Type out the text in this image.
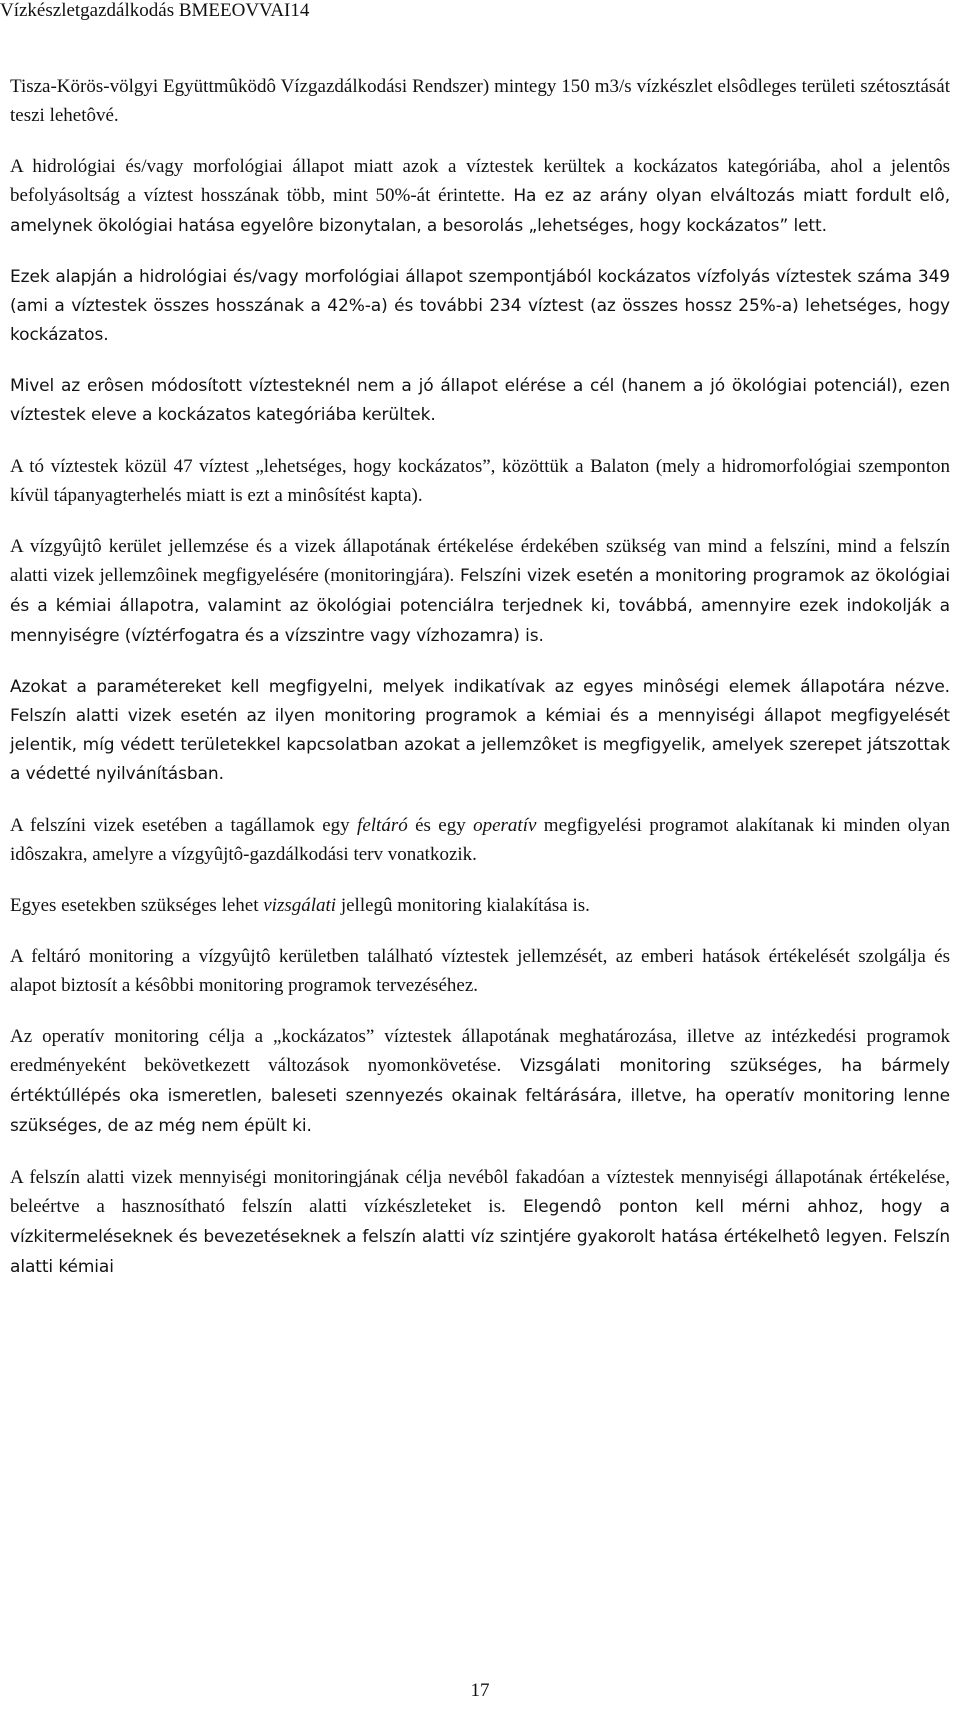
Vízkészletgazdálkodás BMEEOVVAI14

Tisza-Körös-völgyi Együttmûködô Vízgazdálkodási Rendszer) mintegy 150 m3/s vízkészlet elsôdleges területi szétosztását teszi lehetôvé.

A hidrológiai és/vagy morfológiai állapot miatt azok a víztestek kerültek a kockázatos kategóriába, ahol a jelentôs befolyásoltság a víztest hosszának több, mint 50%-át érintette. Ha ez az arány olyan elváltozás miatt fordult elô, amelynek ökológiai hatása egyelôre bizonytalan, a besorolás „lehetséges, hogy kockázatos” lett.

Ezek alapján a hidrológiai és/vagy morfológiai állapot szempontjából kockázatos vízfolyás víztestek száma 349 (ami a víztestek összes hosszának a 42%-a) és további 234 víztest (az összes hossz 25%-a) lehetséges, hogy kockázatos.

Mivel az erôsen módosított víztesteknél nem a jó állapot elérése a cél (hanem a jó ökológiai potenciál), ezen víztestek eleve a kockázatos kategóriába kerültek.

A tó víztestek közül 47 víztest „lehetséges, hogy kockázatos”, közöttük a Balaton (mely a hidromorfológiai szemponton kívül tápanyagterhelés miatt is ezt a minôsítést kapta).

A vízgyûjtô kerület jellemzése és a vizek állapotának értékelése érdekében szükség van mind a felszíni, mind a felszín alatti vizek jellemzôinek megfigyelésére (monitoringjára). Felszíni vizek esetén a monitoring programok az ökológiai és a kémiai állapotra, valamint az ökológiai potenciálra terjednek ki, továbbá, amennyire ezek indokolják a mennyiségre (víztérfogatra és a vízszintre vagy vízhozamra) is.

Azokat a paramétereket kell megfigyelni, melyek indikatívak az egyes minôségi elemek állapotára nézve. Felszín alatti vizek esetén az ilyen monitoring programok a kémiai és a mennyiségi állapot megfigyelését jelentik, míg védett területekkel kapcsolatban azokat a jellemzôket is megfigyelik, amelyek szerepet játszottak a védetté nyilvánításban.

A felszíni vizek esetében a tagállamok egy feltáró és egy operatív megfigyelési programot alakítanak ki minden olyan idôszakra, amelyre a vízgyûjtô-gazdálkodási terv vonatkozik.

Egyes esetekben szükséges lehet vizsgálati jellegû monitoring kialakítása is.

A feltáró monitoring a vízgyûjtô kerületben található víztestek jellemzését, az emberi hatások értékelését szolgálja és alapot biztosít a késôbbi monitoring programok tervezéséhez.

Az operatív monitoring célja a „kockázatos” víztestek állapotának meghatározása, illetve az intézkedési programok eredményeként bekövetkezett változások nyomonkövetése. Vizsgálati monitoring szükséges, ha bármely értéktúllépés oka ismeretlen, baleseti szennyezés okainak feltárására, illetve, ha operatív monitoring lenne szükséges, de az még nem épült ki.

A felszín alatti vizek mennyiségi monitoringjának célja nevébôl fakadóan a víztestek mennyiségi állapotának értékelése, beleértve a hasznosítható felszín alatti vízkészleteket is. Elegendô ponton kell mérni ahhoz, hogy a vízkitermeléseknek és bevezetéseknek a felszín alatti víz szintjére gyakorolt hatása értékelhetô legyen. Felszín alatti kémiai

17
